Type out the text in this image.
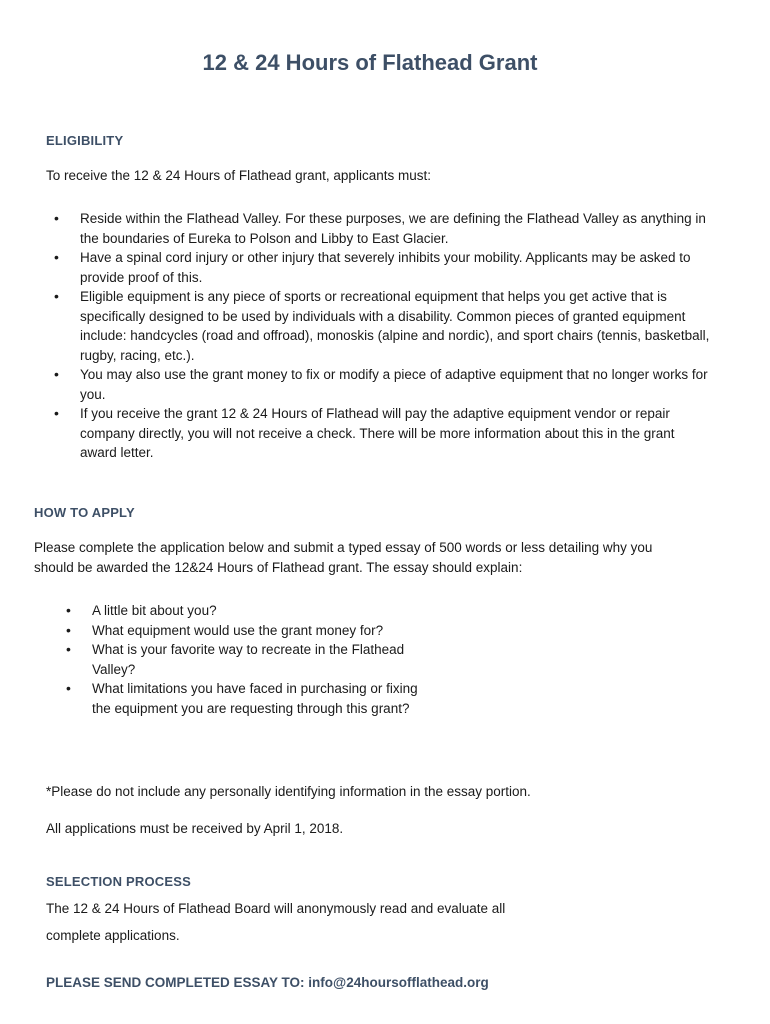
12 & 24 Hours of Flathead Grant
ELIGIBILITY

To receive the 12 & 24 Hours of Flathead grant, applicants must:

• Reside within the Flathead Valley. For these purposes, we are defining the Flathead Valley as anything in the boundaries of Eureka to Polson and Libby to East Glacier.
• Have a spinal cord injury or other injury that severely inhibits your mobility. Applicants may be asked to provide proof of this.
• Eligible equipment is any piece of sports or recreational equipment that helps you get active that is specifically designed to be used by individuals with a disability. Common pieces of granted equipment include: handcycles (road and offroad), monoskis (alpine and nordic), and sport chairs (tennis, basketball, rugby, racing, etc.).
• You may also use the grant money to fix or modify a piece of adaptive equipment that no longer works for you.
• If you receive the grant 12 & 24 Hours of Flathead will pay the adaptive equipment vendor or repair company directly, you will not receive a check. There will be more information about this in the grant award letter.
HOW TO APPLY

Please complete the application below and submit a typed essay of 500 words or less detailing why you should be awarded the 12&24 Hours of Flathead grant. The essay should explain:

• A little bit about you?
• What equipment would use the grant money for?
• What is your favorite way to recreate in the Flathead Valley?
• What limitations you have faced in purchasing or fixing the equipment you are requesting through this grant?

*Please do not include any personally identifying information in the essay portion.

All applications must be received by April 1, 2018.

SELECTION PROCESS

The 12 & 24 Hours of Flathead Board will anonymously read and evaluate all

complete applications.

PLEASE SEND COMPLETED ESSAY TO: info@24hoursofflathead.org
